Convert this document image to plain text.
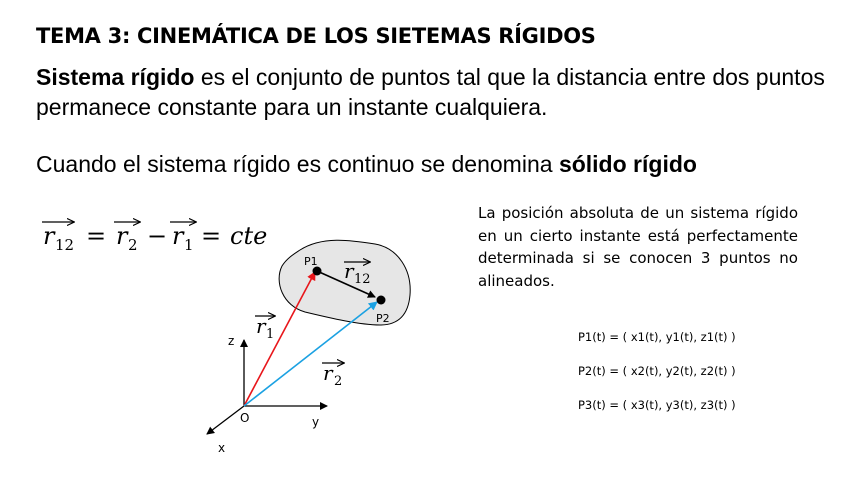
TEMA 3: CINEMÁTICA DE LOS SIETEMAS RÍGIDOS
Sistema rígido es el conjunto de puntos tal que la distancia entre dos puntos permanece constante para un instante cualquiera.
Cuando el sistema rígido es continuo se denomina sólido rígido
La posición absoluta de un sistema rígido en un cierto instante está perfectamente determinada si se conocen 3 puntos no alineados.
P1(t) = ( x1(t), y1(t), z1(t) )
P2(t) = ( x2(t), y2(t), z2(t) )
P3(t) = ( x3(t), y3(t), z3(t) )
r 12 = r 2 − r 1 = cte
z
y
x
O
P1
P2
r 12
r 1
r 2
